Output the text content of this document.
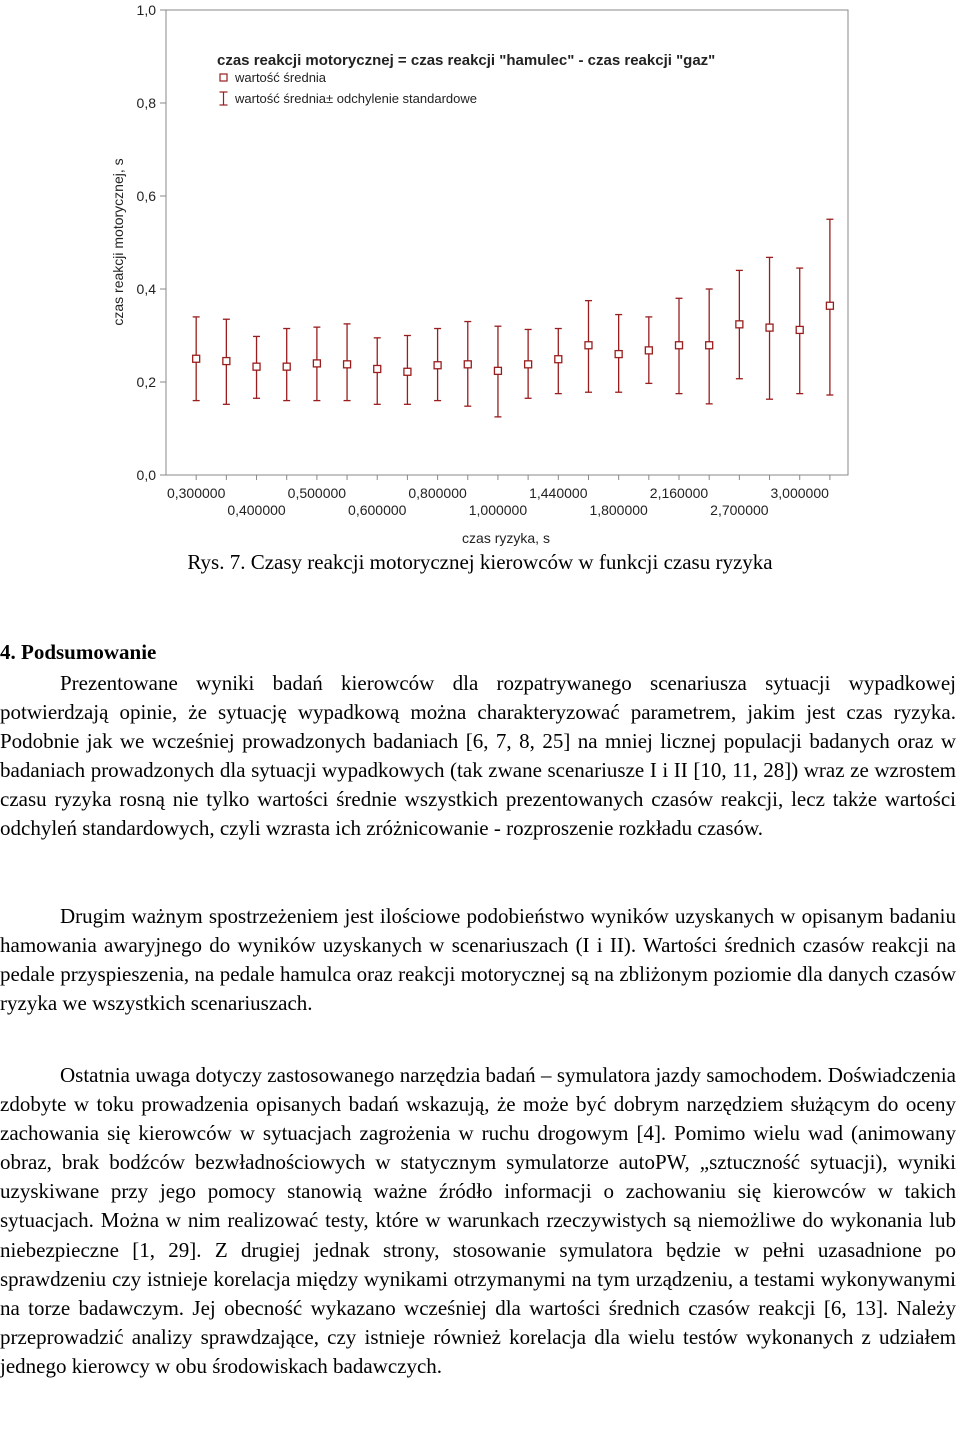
0,0
0,2
0,4
0,6
0,8
1,0
0,300000	0,500000	0,800000	1,440000	2,160000	3,000000
0,400000	0,600000	1,000000	1,800000	2,700000
czas reakcji motorycznej = czas reakcji "hamulec" - czas reakcji "gaz"
wartość średnia
wartość średnia± odchylenie standardowe
czas ryzyka, s
czas reakcji motorycznej, s
Rys. 7. Czasy reakcji motorycznej kierowców w funkcji czasu ryzyka
4. Podsumowanie
Prezentowane wyniki badań kierowców dla rozpatrywanego scenariusza sytuacji wypadkowej potwierdzają opinie, że sytuację wypadkową można charakteryzować parametrem, jakim jest czas ryzyka. Podobnie jak we wcześniej prowadzonych badaniach [6, 7, 8, 25] na mniej licznej populacji badanych oraz w badaniach prowadzonych dla sytuacji wypadkowych (tak zwane scenariusze I i II [10, 11, 28]) wraz ze wzrostem czasu ryzyka rosną nie tylko wartości średnie wszystkich prezentowanych czasów reakcji, lecz także wartości odchyleń standardowych, czyli wzrasta ich zróżnicowanie - rozproszenie rozkładu czasów.
Drugim ważnym spostrzeżeniem jest ilościowe podobieństwo wyników uzyskanych w opisanym badaniu hamowania awaryjnego do wyników uzyskanych w scenariuszach (I i II). Wartości średnich czasów reakcji na pedale przyspieszenia, na pedale hamulca oraz reakcji motorycznej są na zbliżonym poziomie dla danych czasów ryzyka we wszystkich scenariuszach.
Ostatnia uwaga dotyczy zastosowanego narzędzia badań – symulatora jazdy samochodem. Doświadczenia zdobyte w toku prowadzenia opisanych badań wskazują, że może być dobrym narzędziem służącym do oceny zachowania się kierowców w sytuacjach zagrożenia w ruchu drogowym [4]. Pomimo wielu wad (animowany obraz, brak bodźców bezwładnościowych w statycznym symulatorze autoPW, „sztuczność sytuacji), wyniki uzyskiwane przy jego pomocy stanowią ważne źródło informacji o zachowaniu się kierowców w takich sytuacjach. Można w nim realizować testy, które w warunkach rzeczywistych są niemożliwe do wykonania lub niebezpieczne [1, 29]. Z drugiej jednak strony, stosowanie symulatora będzie w pełni uzasadnione po sprawdzeniu czy istnieje korelacja między wynikami otrzymanymi na tym urządzeniu, a testami wykonywanymi na torze badawczym. Jej obecność wykazano wcześniej dla wartości średnich czasów reakcji [6, 13]. Należy przeprowadzić analizy sprawdzające, czy istnieje również korelacja dla wielu testów wykonanych z udziałem jednego kierowcy w obu środowiskach badawczych.
